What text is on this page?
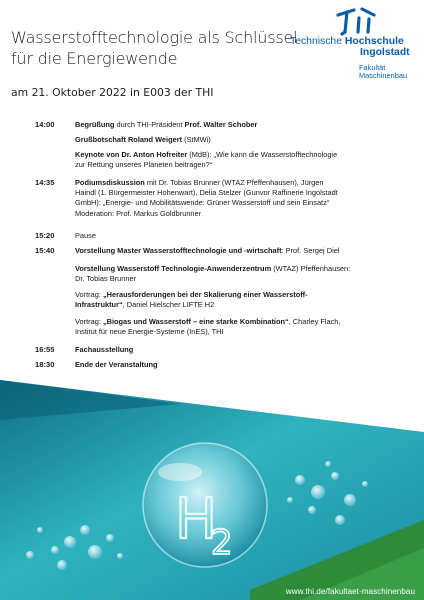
Wasserstofftechnologie als Schlüssel
für die Energiewende
am 21. Oktober 2022 in E003 der THI
Technische Hochschule
Ingolstadt
Fakultät
Maschinenbau
14:00	Begrüßung durch THI-Präsident Prof. Walter Schober
Grußbotschaft Roland Weigert (StMWi)
Keynote von Dr. Anton Hofreiter (MdB): „Wie kann die Wasserstofftechnologie
zur Rettung unseres Planeten beitragen?“
14:35	Podiumsdiskussion mit Dr. Tobias Brunner (WTAZ Pfeffenhausen), Jürgen
Haindl (1. Bürgermeister Hohenwart), Delia Stelzer (Gunvor Raffinerie Ingolstadt
GmbH): „Energie- und Mobilitätswende: Grüner Wasserstoff und sein Einsatz“
Moderation: Prof. Markus Goldbrunner
15:20	Pause
15:40	Vorstellung Master Wasserstofftechnologie und -wirtschaft: Prof. Sergej Diel
Vorstellung Wasserstoff Technologie-Anwenderzentrum (WTAZ) Pfeffenhausen:
Dr. Tobias Brunner
Vortrag: „Herausforderungen bei der Skalierung einer Wasserstoff-
Infrastruktur“, Daniel Hielscher LIFTE H2
Vortrag: „Biogas und Wasserstoff – eine starke Kombination“, Charley Flach,
Institut für neue Energie-Systeme (InES), THI
16:55	Fachausstellung
18:30	Ende der Veranstaltung
H
2
www.thi.de/fakultaet-maschinenbau
